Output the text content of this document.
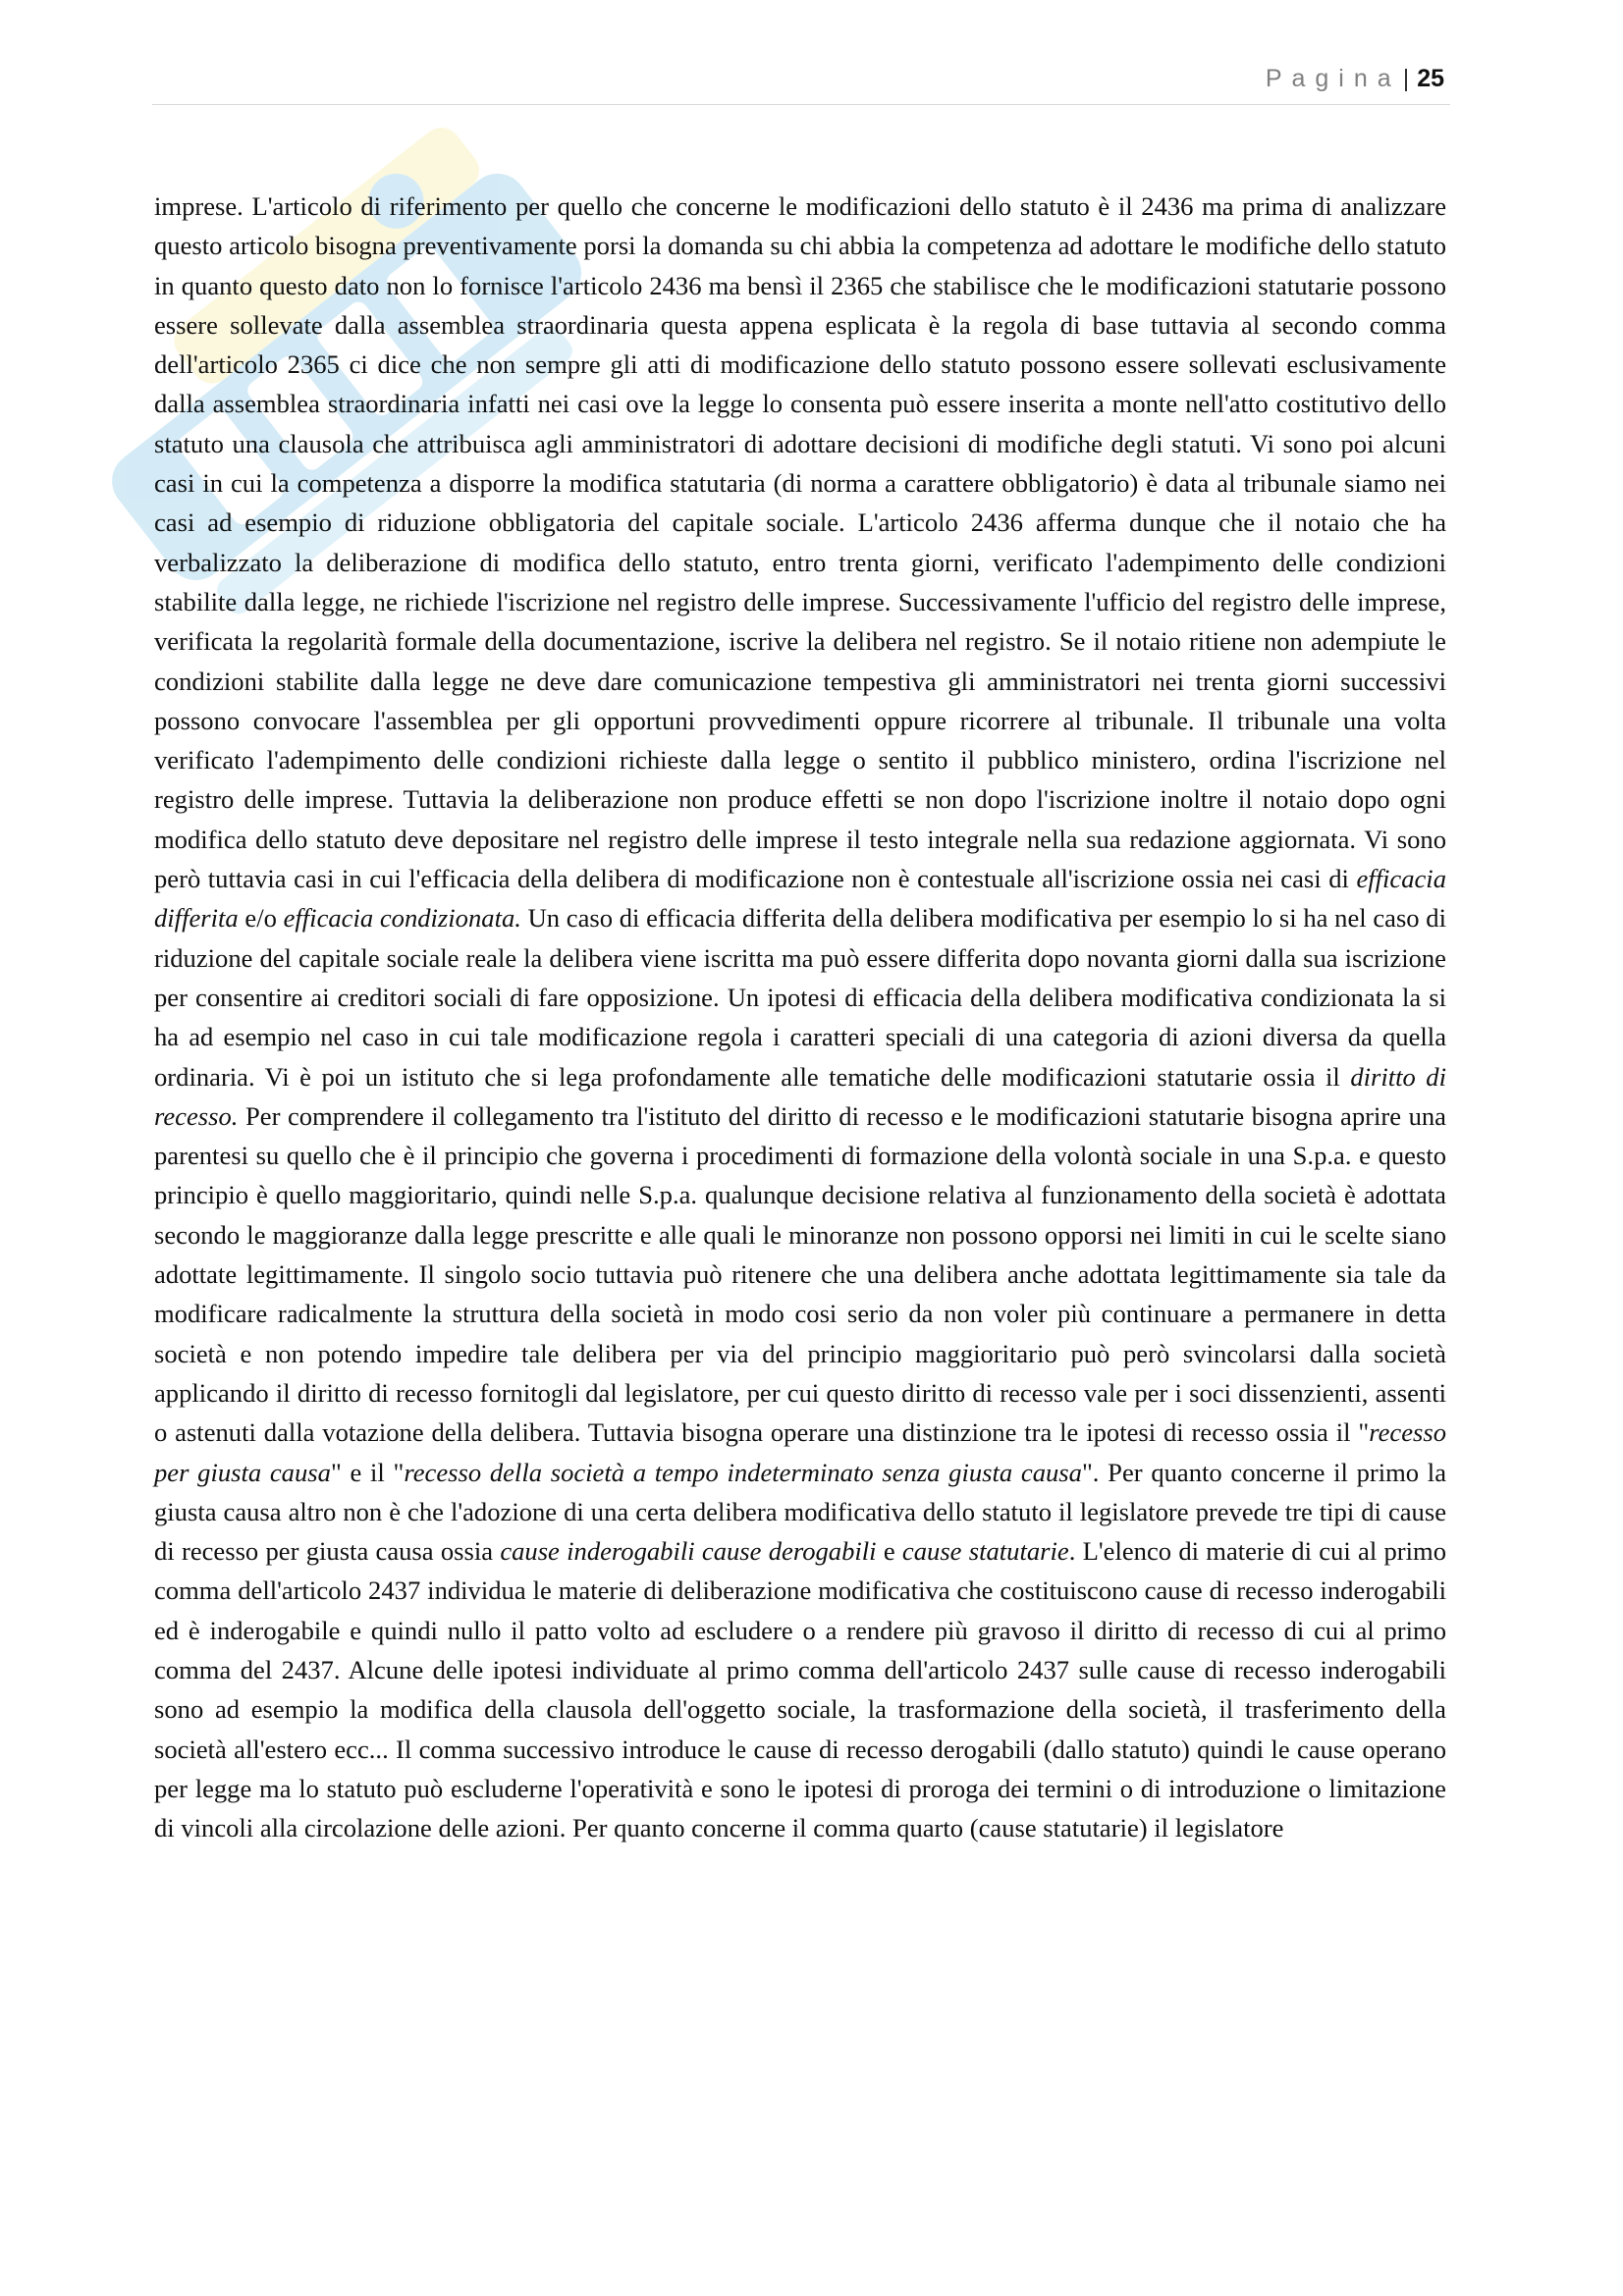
Pagina| 25

imprese. L'articolo di riferimento per quello che concerne le modificazioni dello statuto è il 2436 ma prima di analizzare questo articolo bisogna preventivamente porsi la domanda su chi abbia la competenza ad adottare le modifiche dello statuto in quanto questo dato non lo fornisce l'articolo 2436 ma bensì il 2365 che stabilisce che le modificazioni statutarie possono essere sollevate dalla assemblea straordinaria questa appena esplicata è la regola di base tuttavia al secondo comma dell'articolo 2365 ci dice che non sempre gli atti di modificazione dello statuto possono essere sollevati esclusivamente dalla assemblea straordinaria infatti nei casi ove la legge lo consenta può essere inserita a monte nell'atto costitutivo dello statuto una clausola che attribuisca agli amministratori di adottare decisioni di modifiche degli statuti. Vi sono poi alcuni casi in cui la competenza a disporre la modifica statutaria (di norma a carattere obbligatorio) è data al tribunale siamo nei casi ad esempio di riduzione obbligatoria del capitale sociale. L'articolo 2436 afferma dunque che il notaio che ha verbalizzato la deliberazione di modifica dello statuto, entro trenta giorni, verificato l'adempimento delle condizioni stabilite dalla legge, ne richiede l'iscrizione nel registro delle imprese. Successivamente l'ufficio del registro delle imprese, verificata la regolarità formale della documentazione, iscrive la delibera nel registro. Se il notaio ritiene non adempiute le condizioni stabilite dalla legge ne deve dare comunicazione tempestiva gli amministratori nei trenta giorni successivi possono convocare l'assemblea per gli opportuni provvedimenti oppure ricorrere al tribunale. Il tribunale una volta verificato l'adempimento delle condizioni richieste dalla legge o sentito il pubblico ministero, ordina l'iscrizione nel registro delle imprese. Tuttavia la deliberazione non produce effetti se non dopo l'iscrizione inoltre il notaio dopo ogni modifica dello statuto deve depositare nel registro delle imprese il testo integrale nella sua redazione aggiornata. Vi sono però tuttavia casi in cui l'efficacia della delibera di modificazione non è contestuale all'iscrizione ossia nei casi di efficacia differita e/o efficacia condizionata. Un caso di efficacia differita della delibera modificativa per esempio lo si ha nel caso di riduzione del capitale sociale reale la delibera viene iscritta ma può essere differita dopo novanta giorni dalla sua iscrizione per consentire ai creditori sociali di fare opposizione. Un ipotesi di efficacia della delibera modificativa condizionata la si ha ad esempio nel caso in cui tale modificazione regola i caratteri speciali di una categoria di azioni diversa da quella ordinaria. Vi è poi un istituto che si lega profondamente alle tematiche delle modificazioni statutarie ossia il diritto di recesso. Per comprendere il collegamento tra l'istituto del diritto di recesso e le modificazioni statutarie bisogna aprire una parentesi su quello che è il principio che governa i procedimenti di formazione della volontà sociale in una S.p.a. e questo principio è quello maggioritario, quindi nelle S.p.a. qualunque decisione relativa al funzionamento della società è adottata secondo le maggioranze dalla legge prescritte e alle quali le minoranze non possono opporsi nei limiti in cui le scelte siano adottate legittimamente. Il singolo socio tuttavia può ritenere che una delibera anche adottata legittimamente sia tale da modificare radicalmente la struttura della società in modo cosi serio da non voler più continuare a permanere in detta società e non potendo impedire tale delibera per via del principio maggioritario può però svincolarsi dalla società applicando il diritto di recesso fornitogli dal legislatore, per cui questo diritto di recesso vale per i soci dissenzienti, assenti o astenuti dalla votazione della delibera. Tuttavia bisogna operare una distinzione tra le ipotesi di recesso ossia il "recesso per giusta causa" e il "recesso della società a tempo indeterminato senza giusta causa". Per quanto concerne il primo la giusta causa altro non è che l'adozione di una certa delibera modificativa dello statuto il legislatore prevede tre tipi di cause di recesso per giusta causa ossia cause inderogabili cause derogabili e cause statutarie. L'elenco di materie di cui al primo comma dell'articolo 2437 individua le materie di deliberazione modificativa che costituiscono cause di recesso inderogabili ed è inderogabile e quindi nullo il patto volto ad escludere o a rendere più gravoso il diritto di recesso di cui al primo comma del 2437. Alcune delle ipotesi individuate al primo comma dell'articolo 2437 sulle cause di recesso inderogabili sono ad esempio la modifica della clausola dell'oggetto sociale, la trasformazione della società, il trasferimento della società all'estero ecc... Il comma successivo introduce le cause di recesso derogabili (dallo statuto) quindi le cause operano per legge ma lo statuto può escluderne l'operatività e sono le ipotesi di proroga dei termini o di introduzione o limitazione di vincoli alla circolazione delle azioni. Per quanto concerne il comma quarto (cause statutarie) il legislatore
